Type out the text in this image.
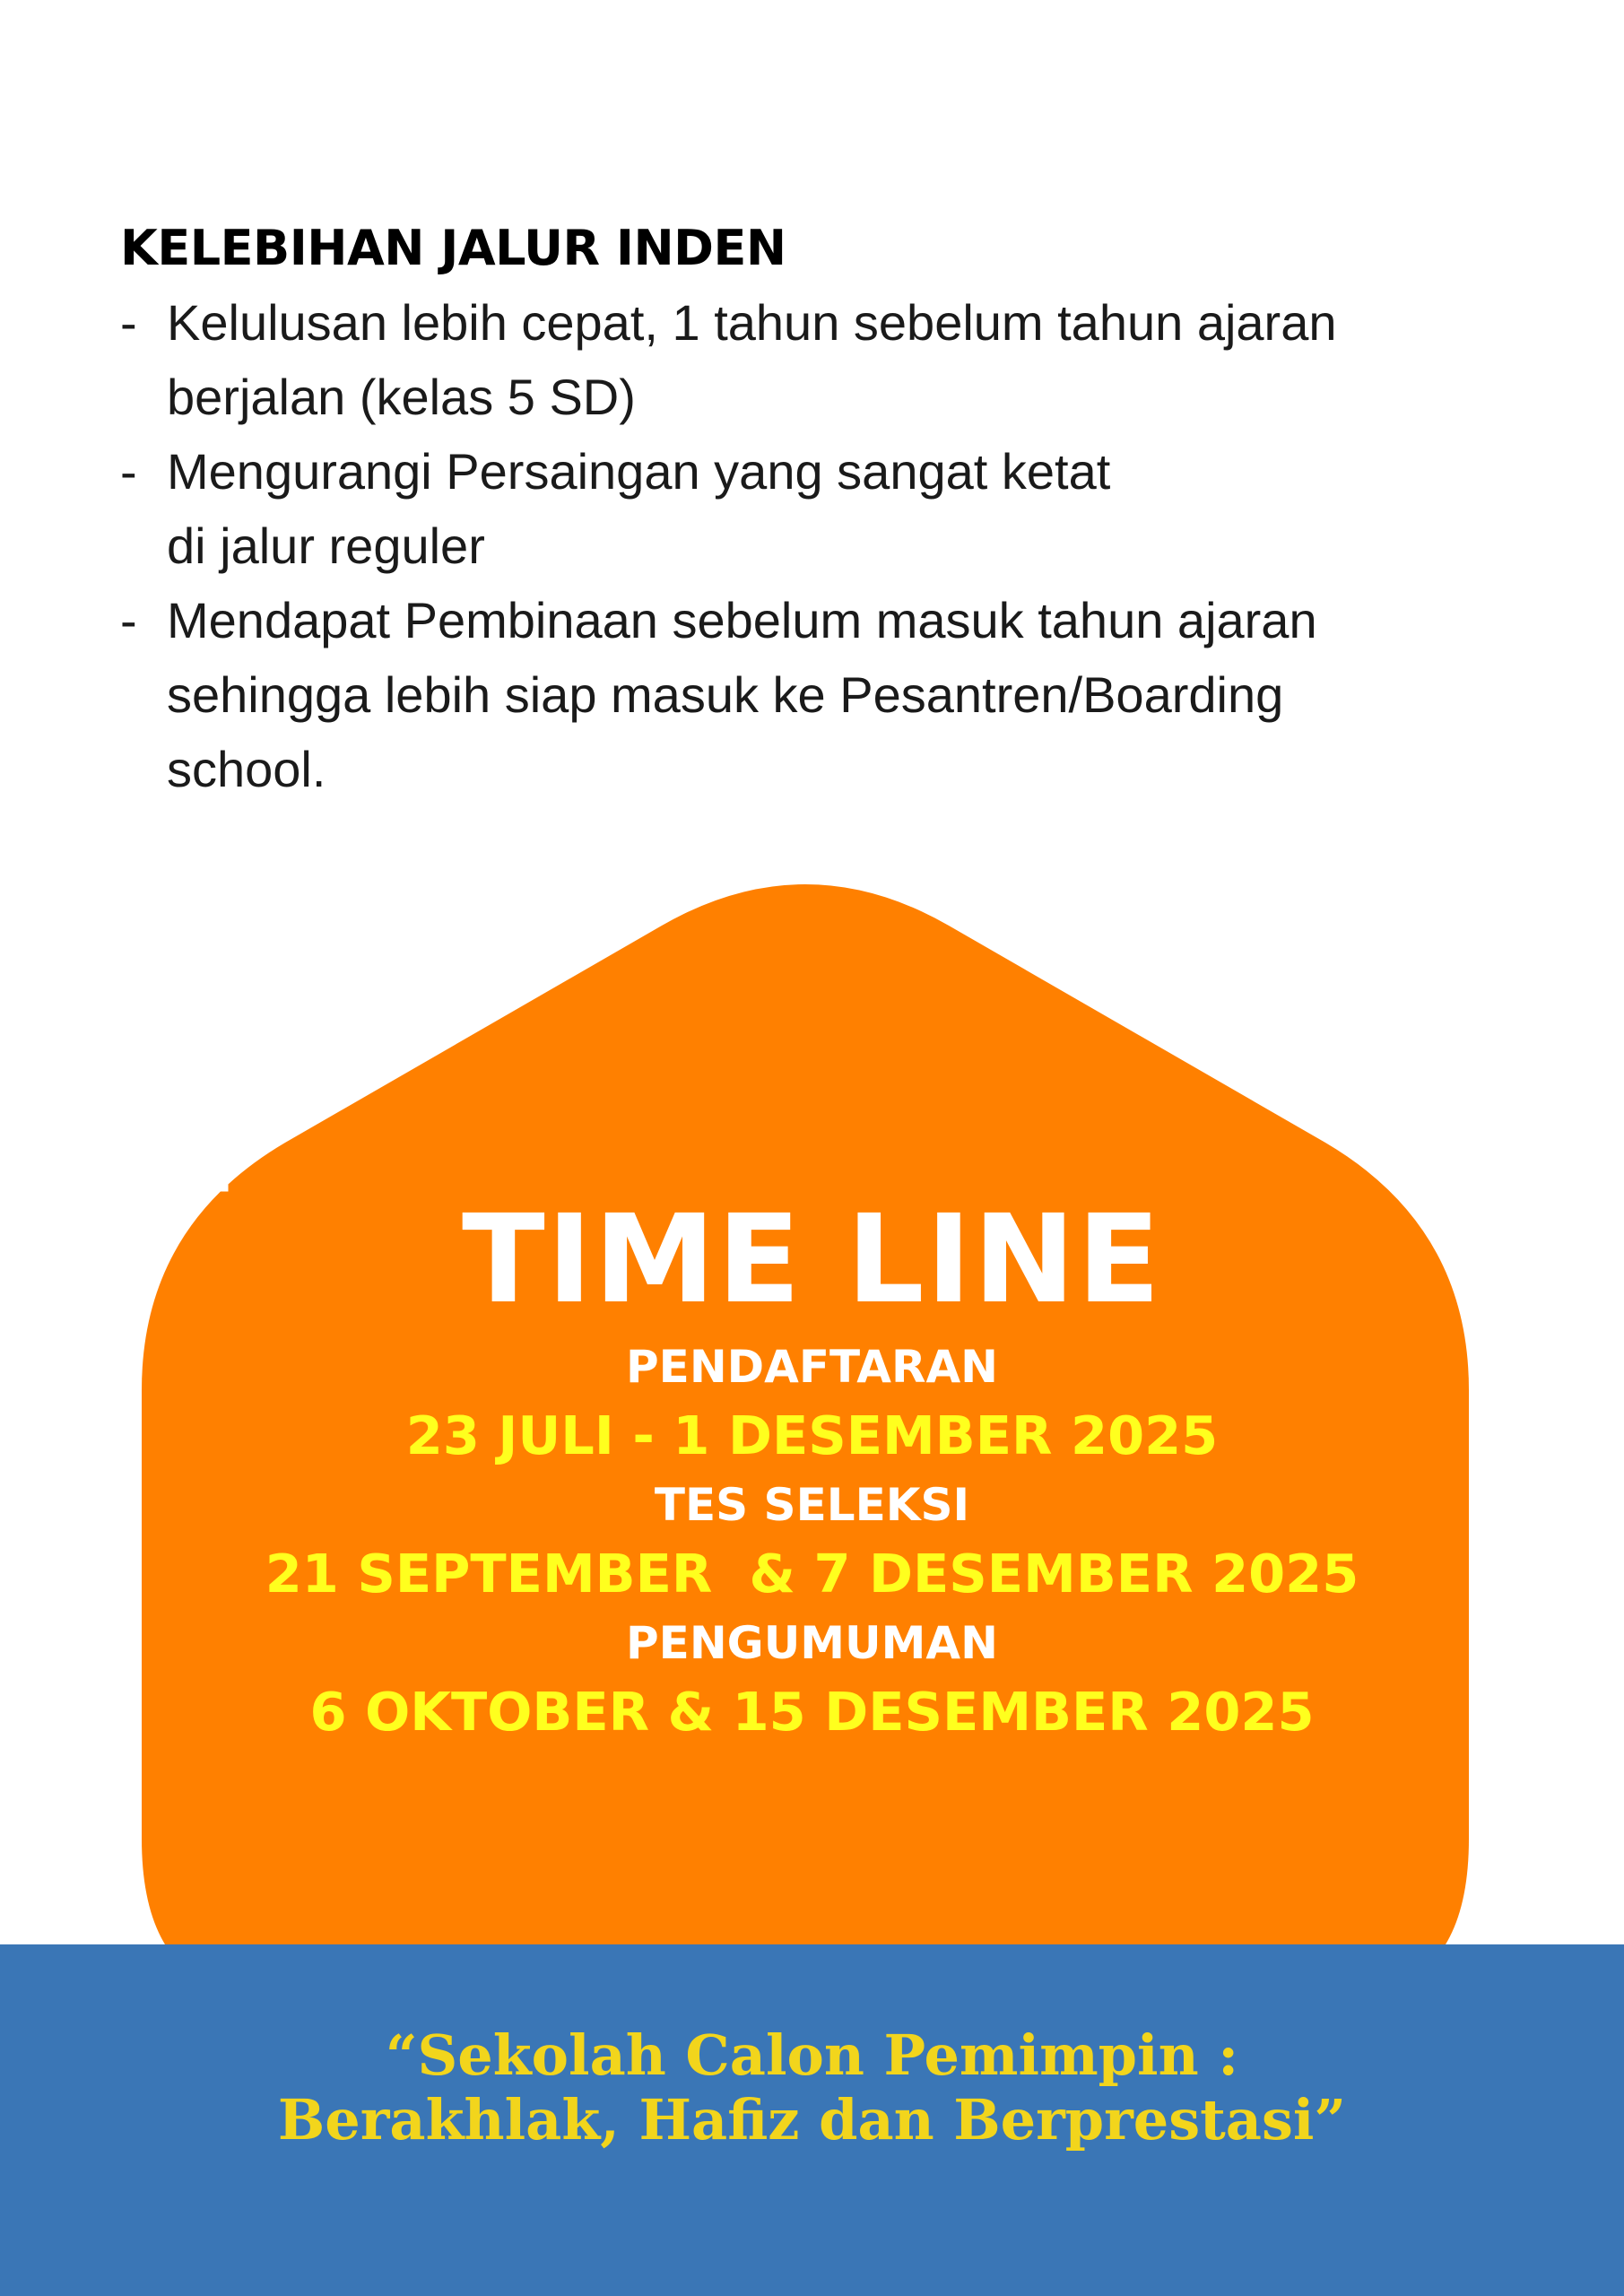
KELEBIHAN JALUR INDEN
- Kelulusan lebih cepat, 1 tahun sebelum tahun ajaran
berjalan (kelas 5 SD)
- Mengurangi Persaingan yang sangat ketat
di jalur reguler
- Mendapat Pembinaan sebelum masuk tahun ajaran
sehingga lebih siap masuk ke Pesantren/Boarding
school.
TIME LINE
PENDAFTARAN
23 JULI - 1 DESEMBER 2025
TES SELEKSI
21 SEPTEMBER  & 7 DESEMBER 2025
PENGUMUMAN
6 OKTOBER & 15 DESEMBER 2025

“Sekolah Calon Pemimpin :
Berakhlak, Hafiz dan Berprestasi”
